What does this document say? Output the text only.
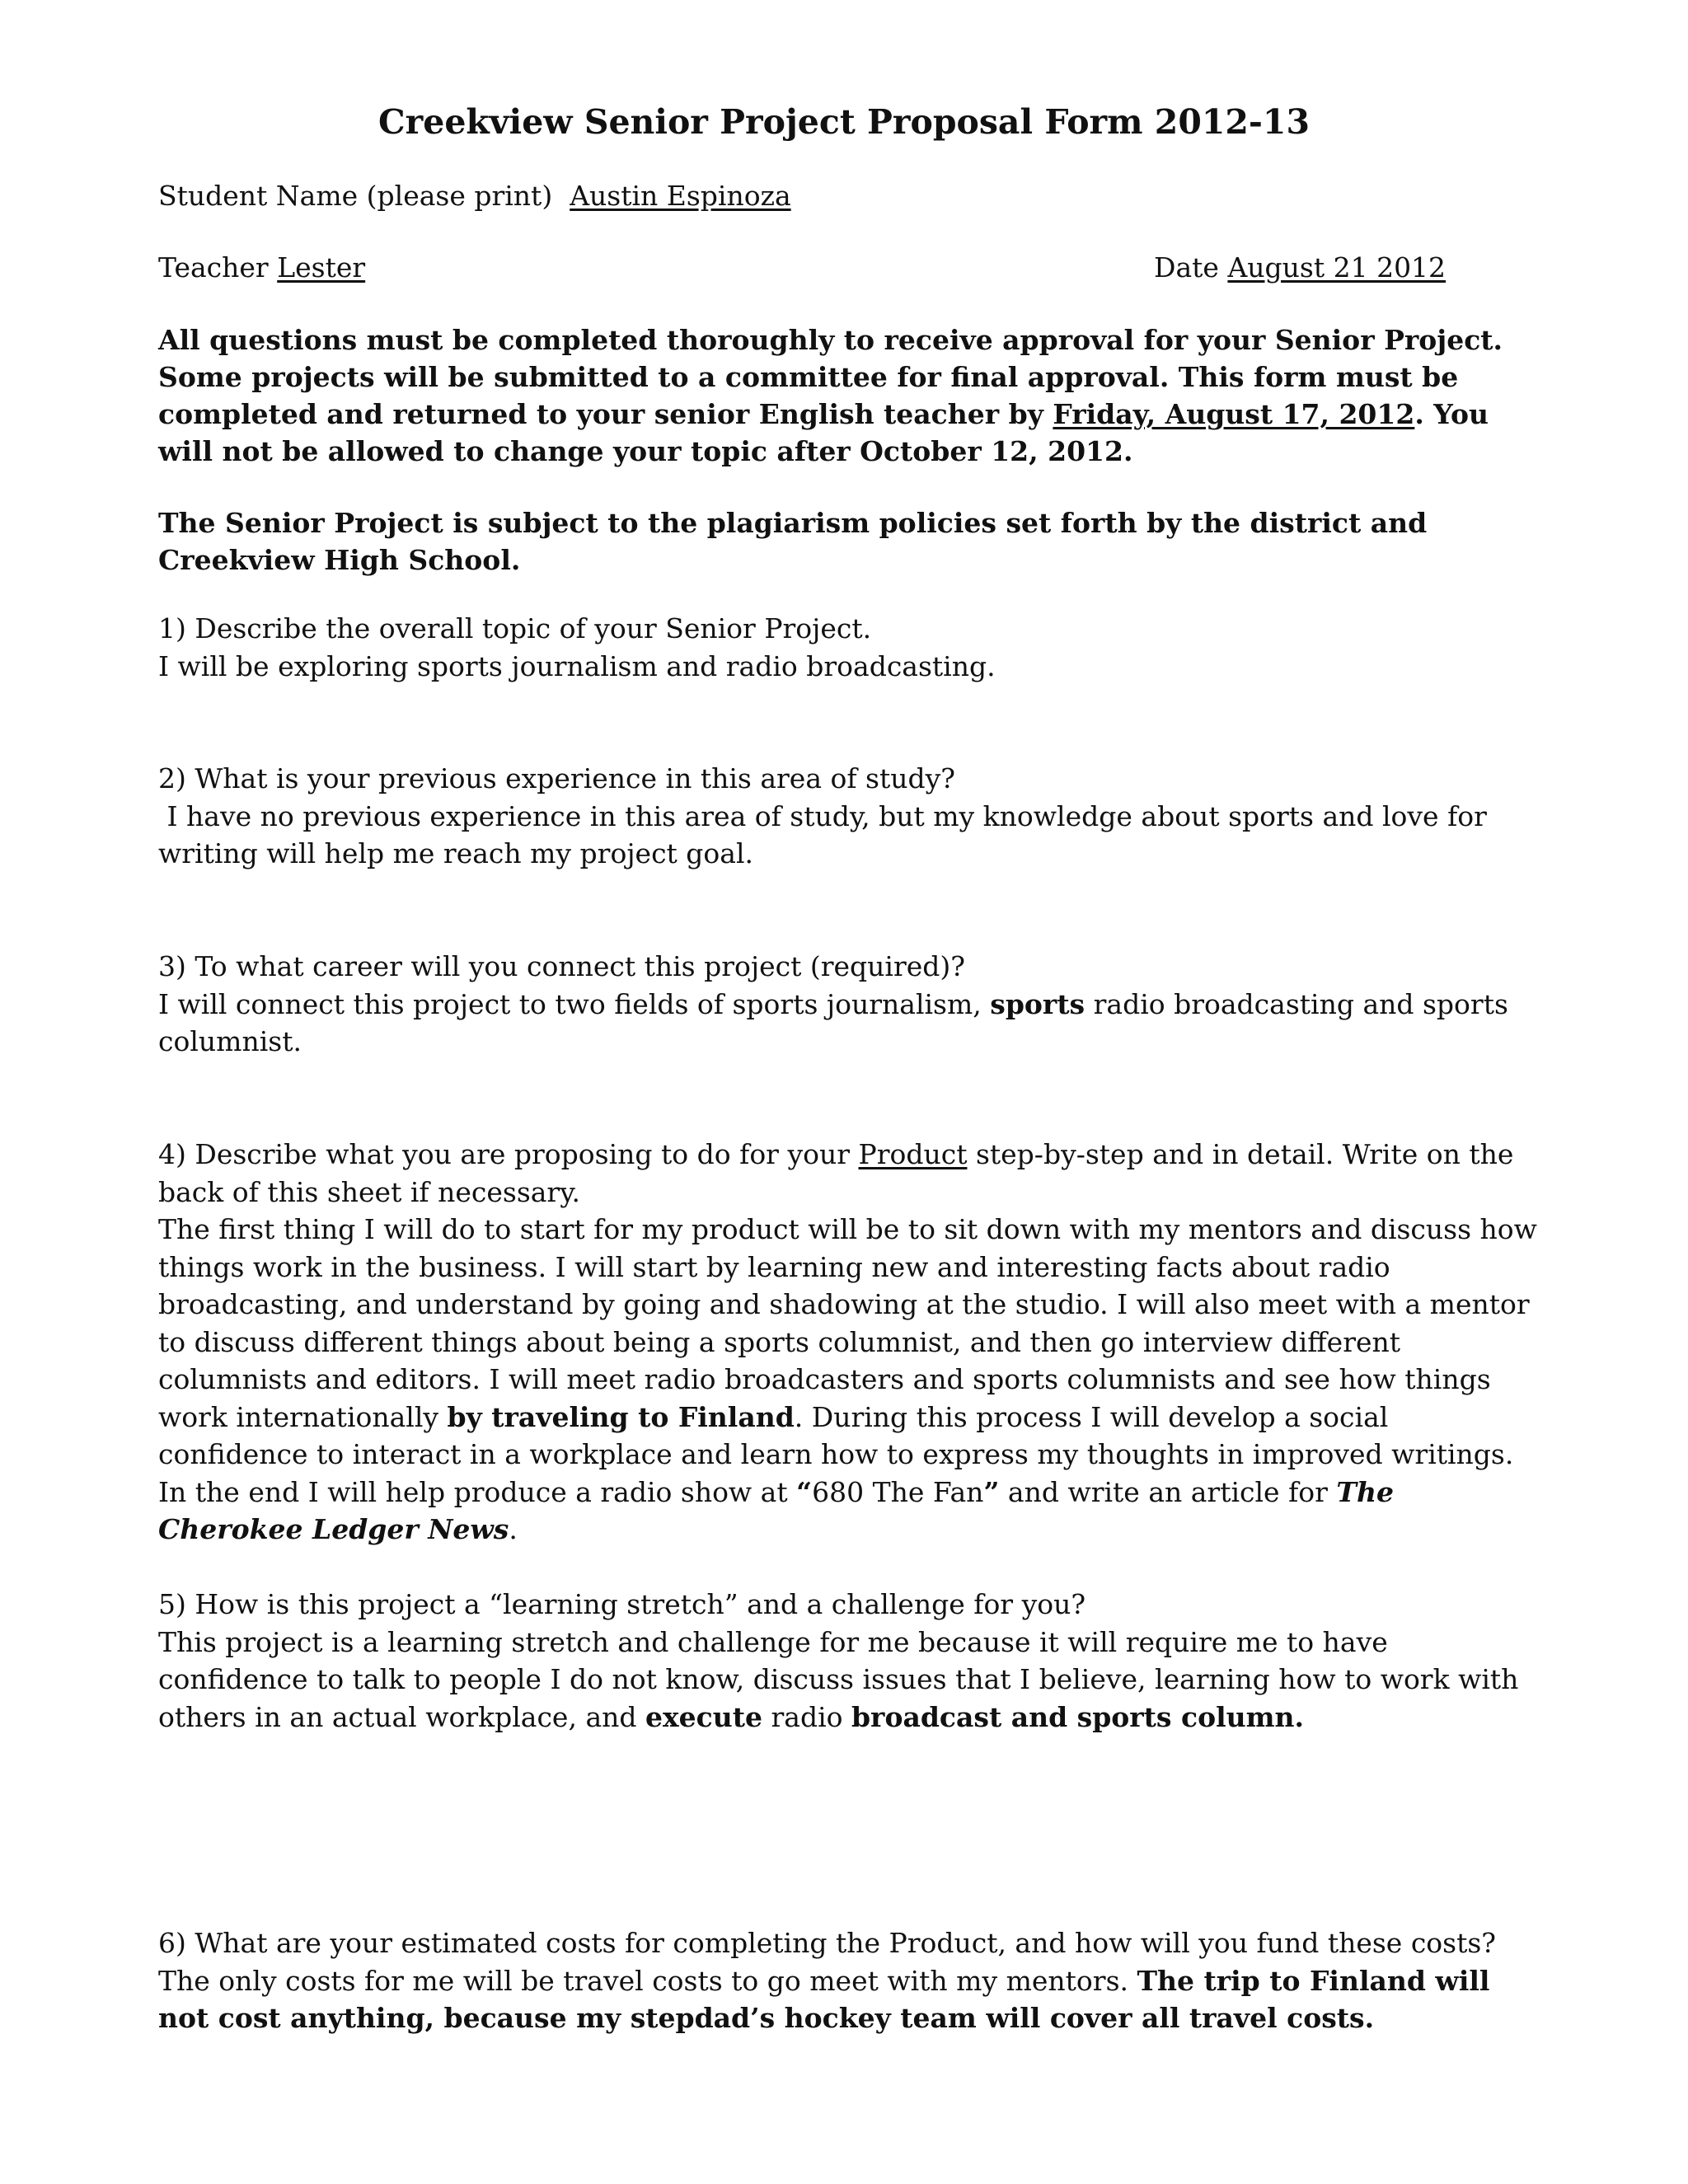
Creekview Senior Project Proposal Form 2012-13
Student Name (please print) Austin Espinoza
Teacher Lester	Date August 21 2012
All questions must be completed thoroughly to receive approval for your Senior Project. Some projects will be submitted to a committee for final approval. This form must be completed and returned to your senior English teacher by Friday, August 17, 2012. You will not be allowed to change your topic after October 12, 2012.
The Senior Project is subject to the plagiarism policies set forth by the district and Creekview High School.

1) Describe the overall topic of your Senior Project.

I will be exploring sports journalism and radio broadcasting.

2) What is your previous experience in this area of study?

I have no previous experience in this area of study, but my knowledge about sports and love for writing will help me reach my project goal.

3) To what career will you connect this project (required)?

I will connect this project to two fields of sports journalism, sports radio broadcasting and sports columnist.

4) Describe what you are proposing to do for your Product step-by-step and in detail. Write on the back of this sheet if necessary.

The first thing I will do to start for my product will be to sit down with my mentors and discuss how things work in the business. I will start by learning new and interesting facts about radio broadcasting, and understand by going and shadowing at the studio. I will also meet with a mentor to discuss different things about being a sports columnist, and then go interview different columnists and editors. I will meet radio broadcasters and sports columnists and see how things work internationally by traveling to Finland. During this process I will develop a social confidence to interact in a workplace and learn how to express my thoughts in improved writings. In the end I will help produce a radio show at “680 The Fan” and write an article for The Cherokee Ledger News.

5) How is this project a “learning stretch” and a challenge for you?

This project is a learning stretch and challenge for me because it will require me to have confidence to talk to people I do not know, discuss issues that I believe, learning how to work with others in an actual workplace, and execute radio broadcast and sports column.

6) What are your estimated costs for completing the Product, and how will you fund these costs?

The only costs for me will be travel costs to go meet with my mentors. The trip to Finland will not cost anything, because my stepdad’s hockey team will cover all travel costs.
